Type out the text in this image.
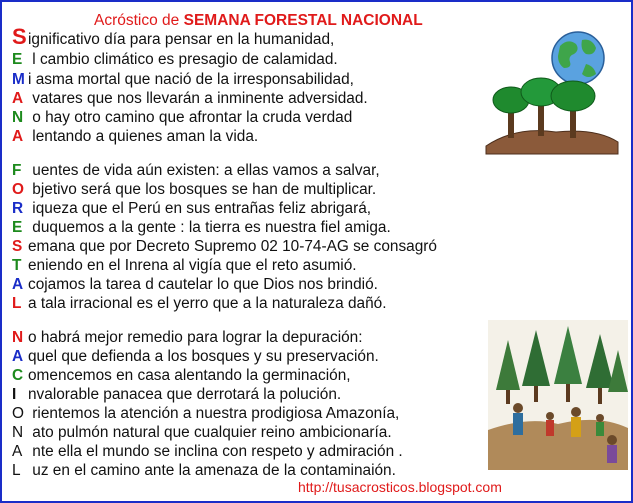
Acróstico de SEMANA FORESTAL NACIONAL
Significativo día para pensar en la humanidad,
E l cambio climático es presagio de calamidad.
M i asma mortal que nació de la irresponsabilidad,
A vatares que nos llevarán a inminente adversidad.
N o hay otro camino que afrontar la cruda verdad
A lentando a quienes aman la vida.
F uentes de vida aún existen: a ellas vamos a salvar,
O bjetivo será que los bosques se han de multiplicar.
R iqueza que el Perú en sus entrañas feliz abrigará,
E duquemos a la gente : la tierra es nuestra fiel amiga.
S emana que por Decreto Supremo 02 10-74-AG se consagró
T eniendo en el Inrena al vigía que el reto asumió.
A cojamos la tarea d cautelar lo que Dios nos brindió.
L a tala irracional es el yerro que a la naturaleza dañó.
N o habrá mejor remedio para lograr la depuración:
A quel que defienda a los bosques y su preservación.
C omencemos en casa alentando la germinación,
I nvalorable panacea que derrotará la polución.
O rientemos la atención a nuestra prodigiosa Amazonía,
N ato pulmón natural que cualquier reino ambicionaría.
A nte ella el mundo se inclina con respeto y admiración .
L uz en el camino ante la amenaza de la contaminaión.
http://tusacrosticos.blogspot.com
